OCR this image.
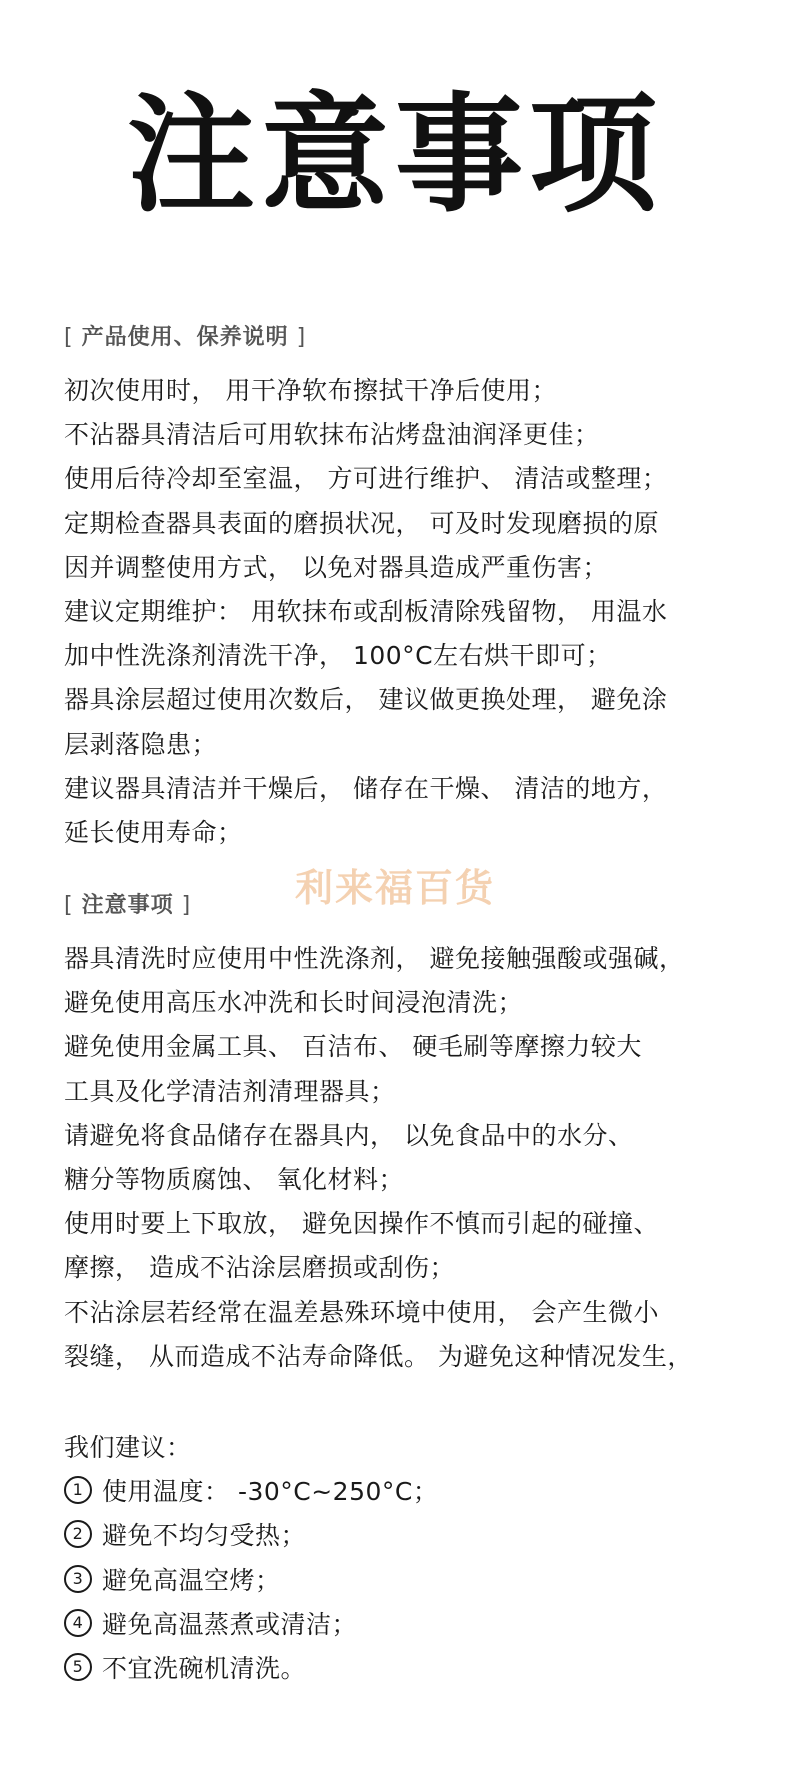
注意事项
[ 产品使用、保养说明 ]
初次使用时， 用干净软布擦拭干净后使用；
不沾器具清洁后可用软抹布沾烤盘油润泽更佳；
使用后待冷却至室温， 方可进行维护、 清洁或整理；
定期检查器具表面的磨损状况， 可及时发现磨损的原
因并调整使用方式， 以免对器具造成严重伤害；
建议定期维护： 用软抹布或刮板清除残留物， 用温水
加中性洗涤剂清洗干净， 100°C左右烘干即可；
器具涂层超过使用次数后， 建议做更换处理， 避免涂
层剥落隐患；
建议器具清洁并干燥后， 储存在干燥、 清洁的地方，
延长使用寿命；
利来福百货
[ 注意事项 ]
器具清洗时应使用中性洗涤剂， 避免接触强酸或强碱，
避免使用高压水冲洗和长时间浸泡清洗；
避免使用金属工具、 百洁布、 硬毛刷等摩擦力较大
工具及化学清洁剂清理器具；
请避免将食品储存在器具内， 以免食品中的水分、
糖分等物质腐蚀、 氧化材料；
使用时要上下取放， 避免因操作不慎而引起的碰撞、
摩擦， 造成不沾涂层磨损或刮伤；
不沾涂层若经常在温差悬殊环境中使用， 会产生微小
裂缝， 从而造成不沾寿命降低。 为避免这种情况发生，
我们建议：
1 使用温度： -30°C~250°C；
2 避免不均匀受热；
3 避免高温空烤；
4 避免高温蒸煮或清洁；
5 不宜洗碗机清洗。
